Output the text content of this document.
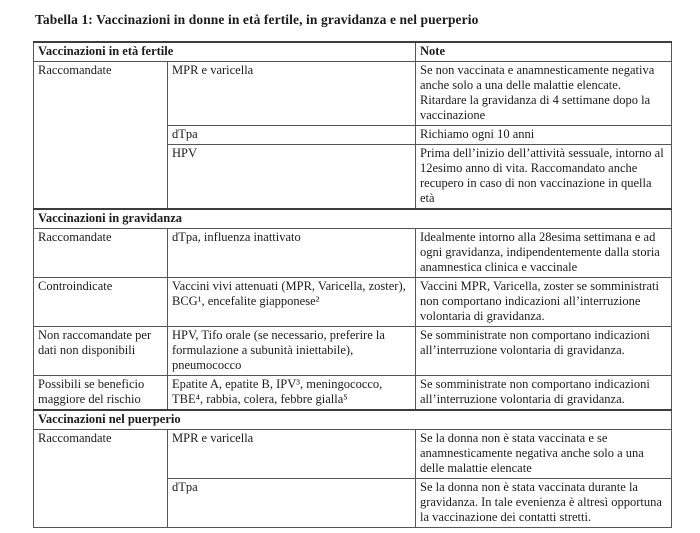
Tabella 1: Vaccinazioni in donne in età fertile, in gravidanza e nel puerperio
Vaccinazioni in età fertile		Note
Raccomandate	MPR e varicella	Se non vaccinata e anamnesticamente negativa anche solo a una delle malattie elencate. Ritardare la gravidanza di 4 settimane dopo la vaccinazione
	dTpa	Richiamo ogni 10 anni
	HPV	Prima dell’inizio dell’attività sessuale, intorno al 12esimo anno di vita. Raccomandato anche recupero in caso di non vaccinazione in quella età
Vaccinazioni in gravidanza		
Raccomandate	dTpa, influenza inattivato	Idealmente intorno alla 28esima settimana e ad ogni gravidanza, indipendentemente dalla storia anamnestica clinica e vaccinale
Controindicate	Vaccini vivi attenuati (MPR, Varicella, zoster), BCG¹, encefalite giapponese²	Vaccini MPR, Varicella, zoster se somministrati non comportano indicazioni all’interruzione volontaria di gravidanza.
Non raccomandate per dati non disponibili	HPV, Tifo orale (se necessario, preferire la formulazione a subunità iniettabile), pneumococco	Se somministrate non comportano indicazioni all’interruzione volontaria di gravidanza.
Possibili se beneficio maggiore del rischio	Epatite A, epatite B, IPV³, meningococco, TBE⁴, rabbia, colera, febbre gialla⁵	Se somministrate non comportano indicazioni all’interruzione volontaria di gravidanza.
Vaccinazioni nel puerperio		
Raccomandate	MPR e varicella	Se la donna non è stata vaccinata e se anamnesticamente negativa anche solo a una delle malattie elencate
	dTpa	Se la donna non è stata vaccinata durante la gravidanza. In tale evenienza è altresì opportuna la vaccinazione dei contatti stretti.
